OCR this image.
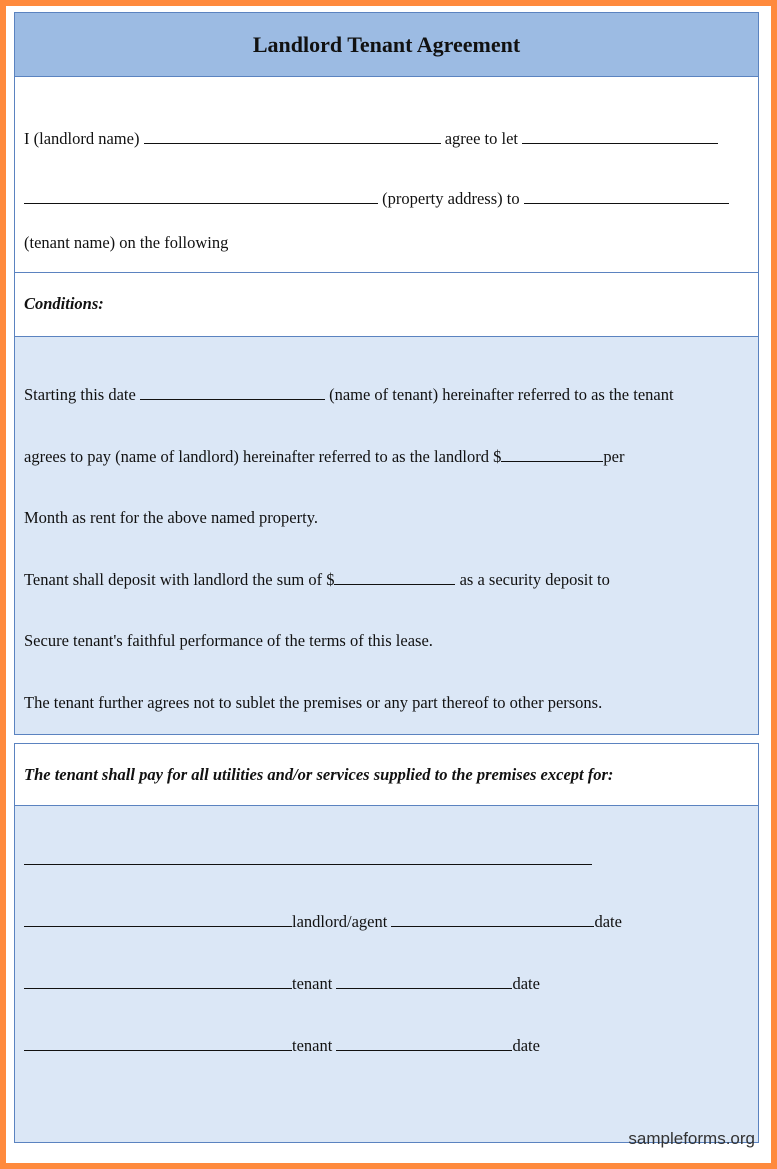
Landlord Tenant Agreement
I (landlord name)	agree to let
(property address) to
(tenant name) on the following
Conditions:
Starting this date	(name of tenant) hereinafter referred to as the tenant
agrees to pay (name of landlord) hereinafter referred to as the landlord $	per
Month as rent for the above named property.
Tenant shall deposit with landlord the sum of $	as a security deposit to
Secure tenant's faithful performance of the terms of this lease.
The tenant further agrees not to sublet the premises or any part thereof to other persons.
The tenant shall pay for all utilities and/or services supplied to the premises except for:
landlord/agent	date
tenant	date
tenant	date
sampleforms.org
